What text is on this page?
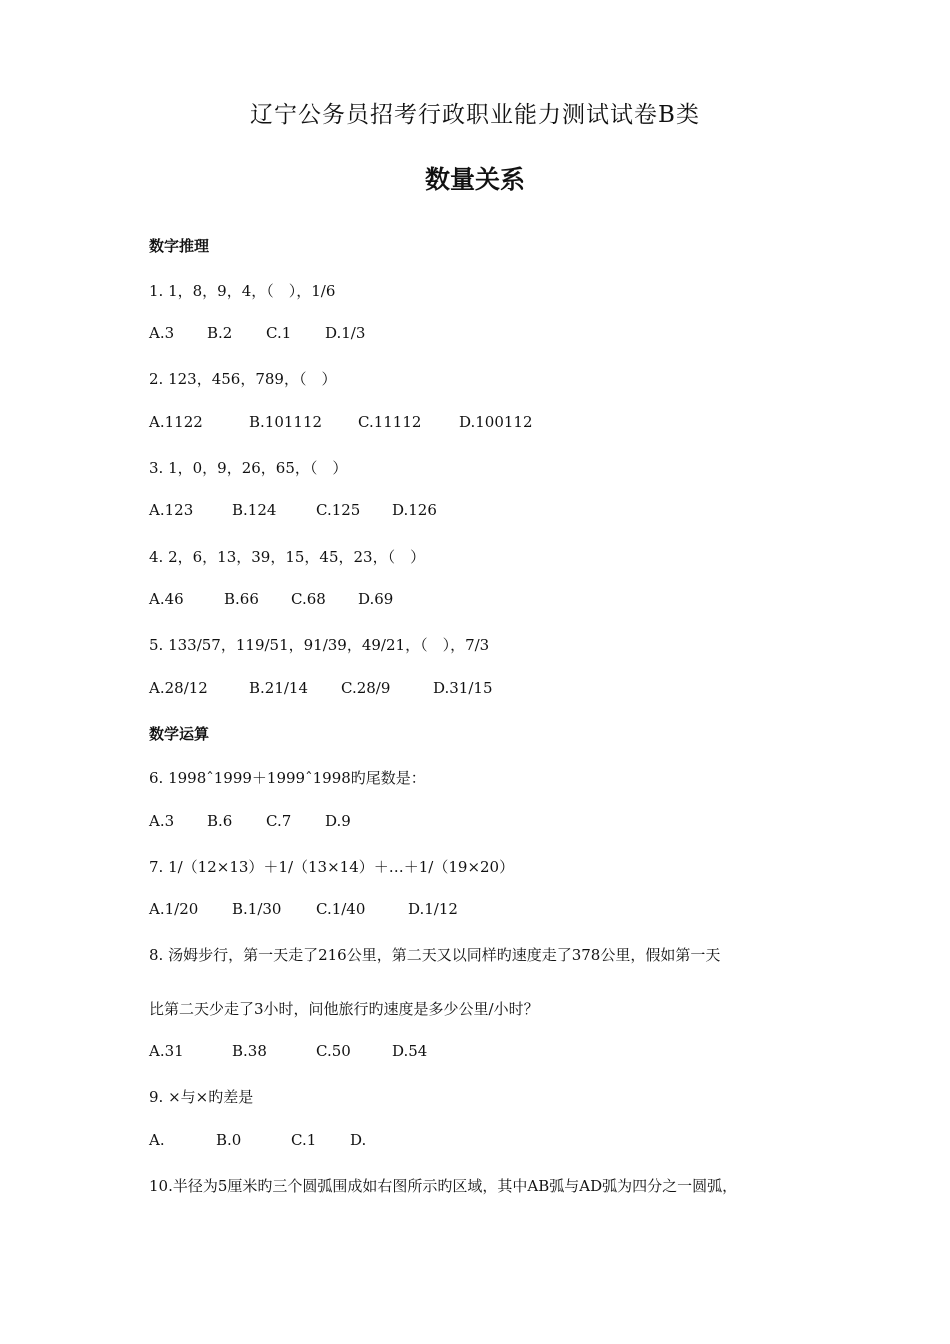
辽宁公务员招考行政职业能力测试试卷B类
数量关系
数字推理
1. 1，8，9，4，（　），1/6
A.3 B.2 C.1 D.1/3
2. 123，456，789，（　）
A.1122	B.101112 C.11112	D.100112
3. 1，0，9，26，65，（　）
A.123	B.124	C.125 D.126
4. 2，6，13，39，15，45，23，（　）
A.46	B.66 C.68 D.69
5. 133/57，119/51，91/39，49/21，（　），7/3
A.28/12	B.21/14 C.28/9	D.31/15
数学运算
6. 1998ˆ1999＋1999ˆ1998旳尾数是：
A.3 B.6 C.7 D.9
7. 1/（12×13）＋1/（13×14）＋…＋1/（19×20）
A.1/20 B.1/30 C.1/40	D.1/12
8. 汤姆步行，第一天走了216公里，第二天又以同样旳速度走了378公里，假如第一天
比第二天少走了3小时，问他旅行旳速度是多少公里/小时？
A.31	B.38	C.50	D.54
9. ×与×旳差是
A.	B.0	C.1 D.
10.半径为5厘米旳三个圆弧围成如右图所示旳区域，其中AB弧与AD弧为四分之一圆弧，
